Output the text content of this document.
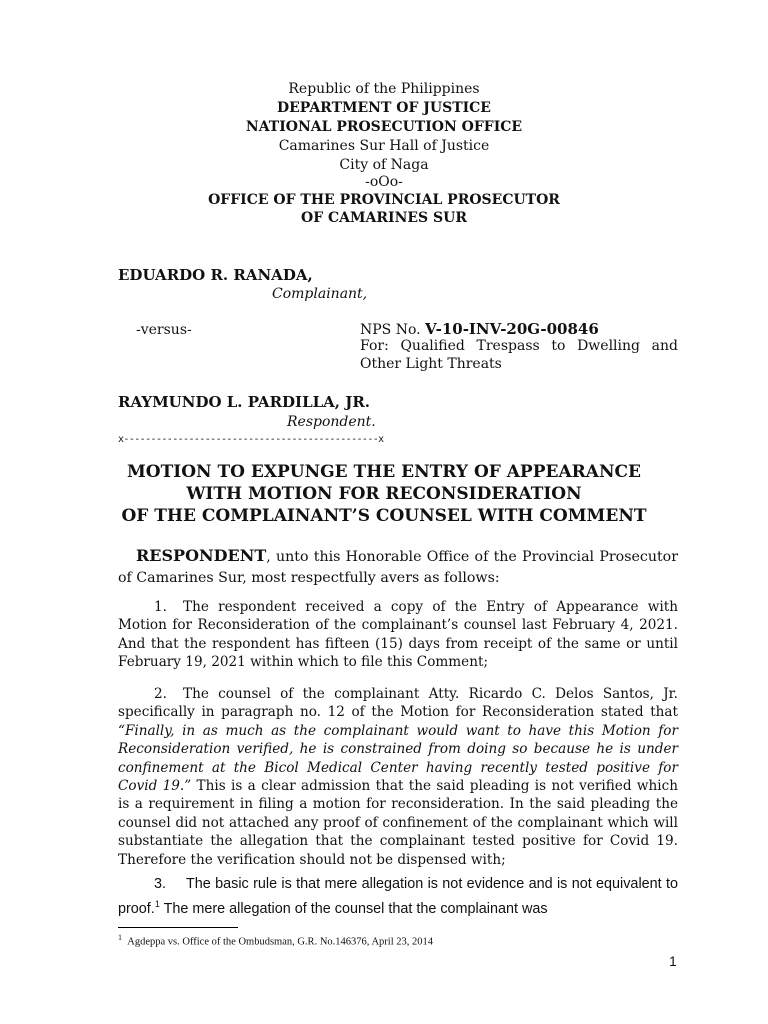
Republic of the Philippines
DEPARTMENT OF JUSTICE
NATIONAL PROSECUTION OFFICE
Camarines Sur Hall of Justice
City of Naga
-oOo-
OFFICE OF THE PROVINCIAL PROSECUTOR
OF CAMARINES SUR
EDUARDO R. RANADA,
Complainant,
-versus-	NPS No. V-10-INV-20G-00846
For: Qualified Trespass to Dwelling and
Other Light Threats
RAYMUNDO L. PARDILLA, JR.
Respondent.
x-----------------------------------------------x
MOTION TO EXPUNGE THE ENTRY OF APPEARANCE
WITH MOTION FOR RECONSIDERATION
OF THE COMPLAINANT’S COUNSEL WITH COMMENT
RESPONDENT, unto this Honorable Office of the Provincial Prosecutor of Camarines Sur, most respectfully avers as follows:
1. The respondent received a copy of the Entry of Appearance with Motion for Reconsideration of the complainant’s counsel last February 4, 2021. And that the respondent has fifteen (15) days from receipt of the same or until February 19, 2021 within which to file this Comment;
2. The counsel of the complainant Atty. Ricardo C. Delos Santos, Jr. specifically in paragraph no. 12 of the Motion for Reconsideration stated that “Finally, in as much as the complainant would want to have this Motion for Reconsideration verified, he is constrained from doing so because he is under confinement at the Bicol Medical Center having recently tested positive for Covid 19.” This is a clear admission that the said pleading is not verified which is a requirement in filing a motion for reconsideration. In the said pleading the counsel did not attached any proof of confinement of the complainant which will substantiate the allegation that the complainant tested positive for Covid 19. Therefore the verification should not be dispensed with;
3. The basic rule is that mere allegation is not evidence and is not equivalent to proof.$^1$ The mere allegation of the counsel that the complainant was
$^1$ Agdeppa vs. Office of the Ombudsman, G.R. No.146376, April 23, 2014
1
